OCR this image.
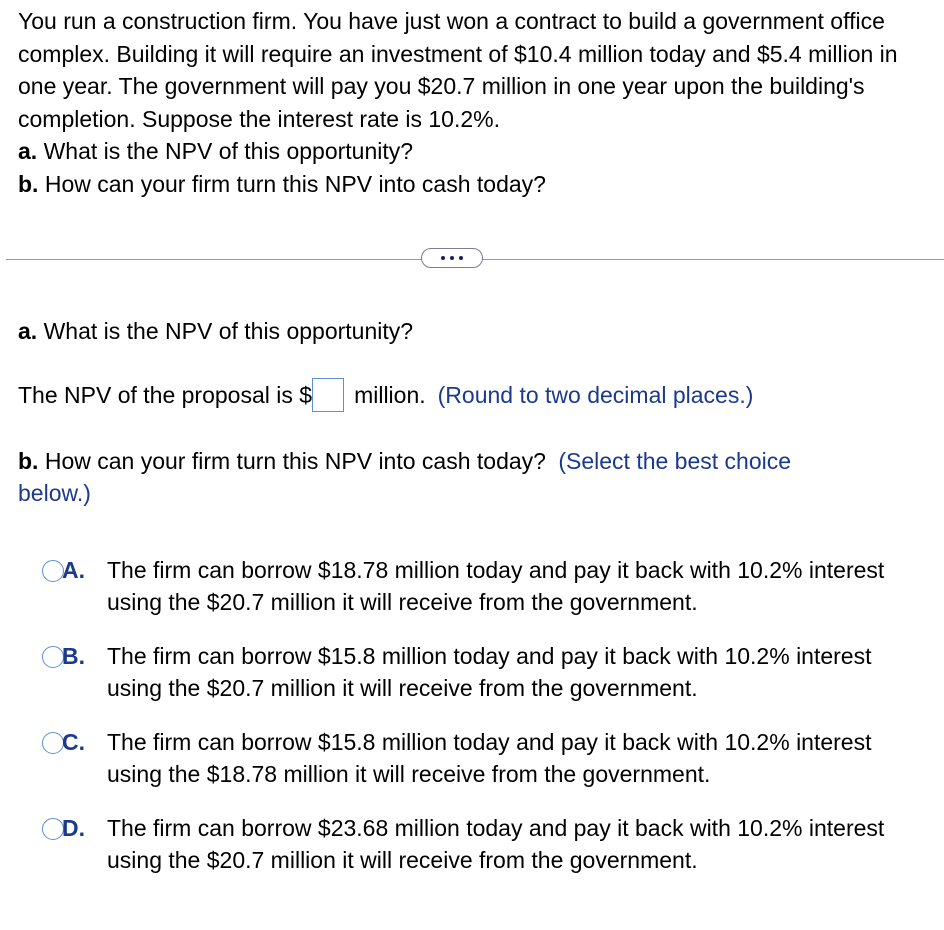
You run a construction firm. You have just won a contract to build a government office complex. Building it will require an investment of $10.4 million today and $5.4 million in one year. The government will pay you $20.7 million in one year upon the building's completion. Suppose the interest rate is 10.2%.

a. What is the NPV of this opportunity?

b. How can your firm turn this NPV into cash today?

a. What is the NPV of this opportunity?
The NPV of the proposal is $ million. (Round to two decimal places.)
b. How can your firm turn this NPV into cash today? (Select the best choice below.)
A. The firm can borrow $18.78 million today and pay it back with 10.2% interest using the $20.7 million it will receive from the government.
B. The firm can borrow $15.8 million today and pay it back with 10.2% interest using the $20.7 million it will receive from the government.
C. The firm can borrow $15.8 million today and pay it back with 10.2% interest using the $18.78 million it will receive from the government.
D. The firm can borrow $23.68 million today and pay it back with 10.2% interest using the $20.7 million it will receive from the government.
